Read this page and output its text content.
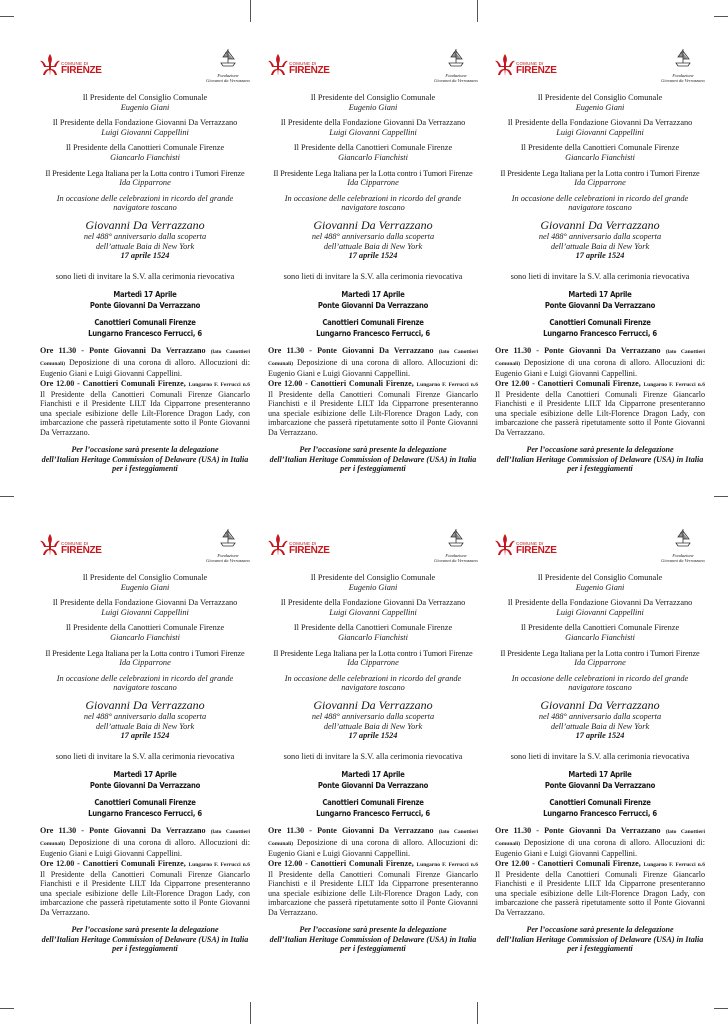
COMUNE DI
FIRENZE	Fondazione
Giovanni da Verrazzano
Il Presidente del Consiglio Comunale
Eugenio Giani
Il Presidente della Fondazione Giovanni Da Verrazzano
Luigi Giovanni Cappellini
Il Presidente della Canottieri Comunale Firenze
Giancarlo Fianchisti
Il Presidente Lega Italiana per la Lotta contro i Tumori Firenze
Ida Cipparrone
In occasione delle celebrazioni in ricordo del grande navigatore toscano
Giovanni Da Verrazzano
nel 488° anniversario dalla scoperta
dell’attuale Baia di New York
17 aprile 1524
sono lieti di invitare la S.V. alla cerimonia rievocativa
Martedì 17 Aprile
Ponte Giovanni Da Verrazzano
Canottieri Comunali Firenze
Lungarno Francesco Ferrucci, 6
Ore 11.30 - Ponte Giovanni Da Verrazzano (lato Canottieri Comunali) Deposizione di una corona di alloro. Allocuzioni di: Eugenio Giani e Luigi Giovanni Cappellini.
Ore 12.00 - Canottieri Comunali Firenze, Lungarno F. Ferrucci n.6 Il Presidente della Canottieri Comunali Firenze Giancarlo Fianchisti e il Presidente LILT Ida Cipparrone presenteranno una speciale esibizione delle Lilt-Florence Dragon Lady, con imbarcazione che passerà ripetutamente sotto il Ponte Giovanni Da Verrazzano.
Per l’occasione sarà presente la delegazione
dell’Italian Heritage Commission of Delaware (USA) in Italia
per i festeggiamenti
COMUNE DI
FIRENZE	Fondazione
Giovanni da Verrazzano
Il Presidente del Consiglio Comunale
Eugenio Giani
Il Presidente della Fondazione Giovanni Da Verrazzano
Luigi Giovanni Cappellini
Il Presidente della Canottieri Comunale Firenze
Giancarlo Fianchisti
Il Presidente Lega Italiana per la Lotta contro i Tumori Firenze
Ida Cipparrone
In occasione delle celebrazioni in ricordo del grande navigatore toscano
Giovanni Da Verrazzano
nel 488° anniversario dalla scoperta
dell’attuale Baia di New York
17 aprile 1524
sono lieti di invitare la S.V. alla cerimonia rievocativa
Martedì 17 Aprile
Ponte Giovanni Da Verrazzano
Canottieri Comunali Firenze
Lungarno Francesco Ferrucci, 6
Ore 11.30 - Ponte Giovanni Da Verrazzano (lato Canottieri Comunali) Deposizione di una corona di alloro. Allocuzioni di: Eugenio Giani e Luigi Giovanni Cappellini.
Ore 12.00 - Canottieri Comunali Firenze, Lungarno F. Ferrucci n.6 Il Presidente della Canottieri Comunali Firenze Giancarlo Fianchisti e il Presidente LILT Ida Cipparrone presenteranno una speciale esibizione delle Lilt-Florence Dragon Lady, con imbarcazione che passerà ripetutamente sotto il Ponte Giovanni Da Verrazzano.
Per l’occasione sarà presente la delegazione
dell’Italian Heritage Commission of Delaware (USA) in Italia
per i festeggiamenti
COMUNE DI
FIRENZE	Fondazione
Giovanni da Verrazzano
Il Presidente del Consiglio Comunale
Eugenio Giani
Il Presidente della Fondazione Giovanni Da Verrazzano
Luigi Giovanni Cappellini
Il Presidente della Canottieri Comunale Firenze
Giancarlo Fianchisti
Il Presidente Lega Italiana per la Lotta contro i Tumori Firenze
Ida Cipparrone
In occasione delle celebrazioni in ricordo del grande navigatore toscano
Giovanni Da Verrazzano
nel 488° anniversario dalla scoperta
dell’attuale Baia di New York
17 aprile 1524
sono lieti di invitare la S.V. alla cerimonia rievocativa
Martedì 17 Aprile
Ponte Giovanni Da Verrazzano
Canottieri Comunali Firenze
Lungarno Francesco Ferrucci, 6
Ore 11.30 - Ponte Giovanni Da Verrazzano (lato Canottieri Comunali) Deposizione di una corona di alloro. Allocuzioni di: Eugenio Giani e Luigi Giovanni Cappellini.
Ore 12.00 - Canottieri Comunali Firenze, Lungarno F. Ferrucci n.6 Il Presidente della Canottieri Comunali Firenze Giancarlo Fianchisti e il Presidente LILT Ida Cipparrone presenteranno una speciale esibizione delle Lilt-Florence Dragon Lady, con imbarcazione che passerà ripetutamente sotto il Ponte Giovanni Da Verrazzano.
Per l’occasione sarà presente la delegazione
dell’Italian Heritage Commission of Delaware (USA) in Italia
per i festeggiamenti
COMUNE DI
FIRENZE	Fondazione
Giovanni da Verrazzano
Il Presidente del Consiglio Comunale
Eugenio Giani
Il Presidente della Fondazione Giovanni Da Verrazzano
Luigi Giovanni Cappellini
Il Presidente della Canottieri Comunale Firenze
Giancarlo Fianchisti
Il Presidente Lega Italiana per la Lotta contro i Tumori Firenze
Ida Cipparrone
In occasione delle celebrazioni in ricordo del grande navigatore toscano
Giovanni Da Verrazzano
nel 488° anniversario dalla scoperta
dell’attuale Baia di New York
17 aprile 1524
sono lieti di invitare la S.V. alla cerimonia rievocativa
Martedì 17 Aprile
Ponte Giovanni Da Verrazzano
Canottieri Comunali Firenze
Lungarno Francesco Ferrucci, 6
Ore 11.30 - Ponte Giovanni Da Verrazzano (lato Canottieri Comunali) Deposizione di una corona di alloro. Allocuzioni di: Eugenio Giani e Luigi Giovanni Cappellini.
Ore 12.00 - Canottieri Comunali Firenze, Lungarno F. Ferrucci n.6 Il Presidente della Canottieri Comunali Firenze Giancarlo Fianchisti e il Presidente LILT Ida Cipparrone presenteranno una speciale esibizione delle Lilt-Florence Dragon Lady, con imbarcazione che passerà ripetutamente sotto il Ponte Giovanni Da Verrazzano.
Per l’occasione sarà presente la delegazione
dell’Italian Heritage Commission of Delaware (USA) in Italia
per i festeggiamenti
COMUNE DI
FIRENZE	Fondazione
Giovanni da Verrazzano
Il Presidente del Consiglio Comunale
Eugenio Giani
Il Presidente della Fondazione Giovanni Da Verrazzano
Luigi Giovanni Cappellini
Il Presidente della Canottieri Comunale Firenze
Giancarlo Fianchisti
Il Presidente Lega Italiana per la Lotta contro i Tumori Firenze
Ida Cipparrone
In occasione delle celebrazioni in ricordo del grande navigatore toscano
Giovanni Da Verrazzano
nel 488° anniversario dalla scoperta
dell’attuale Baia di New York
17 aprile 1524
sono lieti di invitare la S.V. alla cerimonia rievocativa
Martedì 17 Aprile
Ponte Giovanni Da Verrazzano
Canottieri Comunali Firenze
Lungarno Francesco Ferrucci, 6
Ore 11.30 - Ponte Giovanni Da Verrazzano (lato Canottieri Comunali) Deposizione di una corona di alloro. Allocuzioni di: Eugenio Giani e Luigi Giovanni Cappellini.
Ore 12.00 - Canottieri Comunali Firenze, Lungarno F. Ferrucci n.6 Il Presidente della Canottieri Comunali Firenze Giancarlo Fianchisti e il Presidente LILT Ida Cipparrone presenteranno una speciale esibizione delle Lilt-Florence Dragon Lady, con imbarcazione che passerà ripetutamente sotto il Ponte Giovanni Da Verrazzano.
Per l’occasione sarà presente la delegazione
dell’Italian Heritage Commission of Delaware (USA) in Italia
per i festeggiamenti
COMUNE DI
FIRENZE	Fondazione
Giovanni da Verrazzano
Il Presidente del Consiglio Comunale
Eugenio Giani
Il Presidente della Fondazione Giovanni Da Verrazzano
Luigi Giovanni Cappellini
Il Presidente della Canottieri Comunale Firenze
Giancarlo Fianchisti
Il Presidente Lega Italiana per la Lotta contro i Tumori Firenze
Ida Cipparrone
In occasione delle celebrazioni in ricordo del grande navigatore toscano
Giovanni Da Verrazzano
nel 488° anniversario dalla scoperta
dell’attuale Baia di New York
17 aprile 1524
sono lieti di invitare la S.V. alla cerimonia rievocativa
Martedì 17 Aprile
Ponte Giovanni Da Verrazzano
Canottieri Comunali Firenze
Lungarno Francesco Ferrucci, 6
Ore 11.30 - Ponte Giovanni Da Verrazzano (lato Canottieri Comunali) Deposizione di una corona di alloro. Allocuzioni di: Eugenio Giani e Luigi Giovanni Cappellini.
Ore 12.00 - Canottieri Comunali Firenze, Lungarno F. Ferrucci n.6 Il Presidente della Canottieri Comunali Firenze Giancarlo Fianchisti e il Presidente LILT Ida Cipparrone presenteranno una speciale esibizione delle Lilt-Florence Dragon Lady, con imbarcazione che passerà ripetutamente sotto il Ponte Giovanni Da Verrazzano.
Per l’occasione sarà presente la delegazione
dell’Italian Heritage Commission of Delaware (USA) in Italia
per i festeggiamenti
